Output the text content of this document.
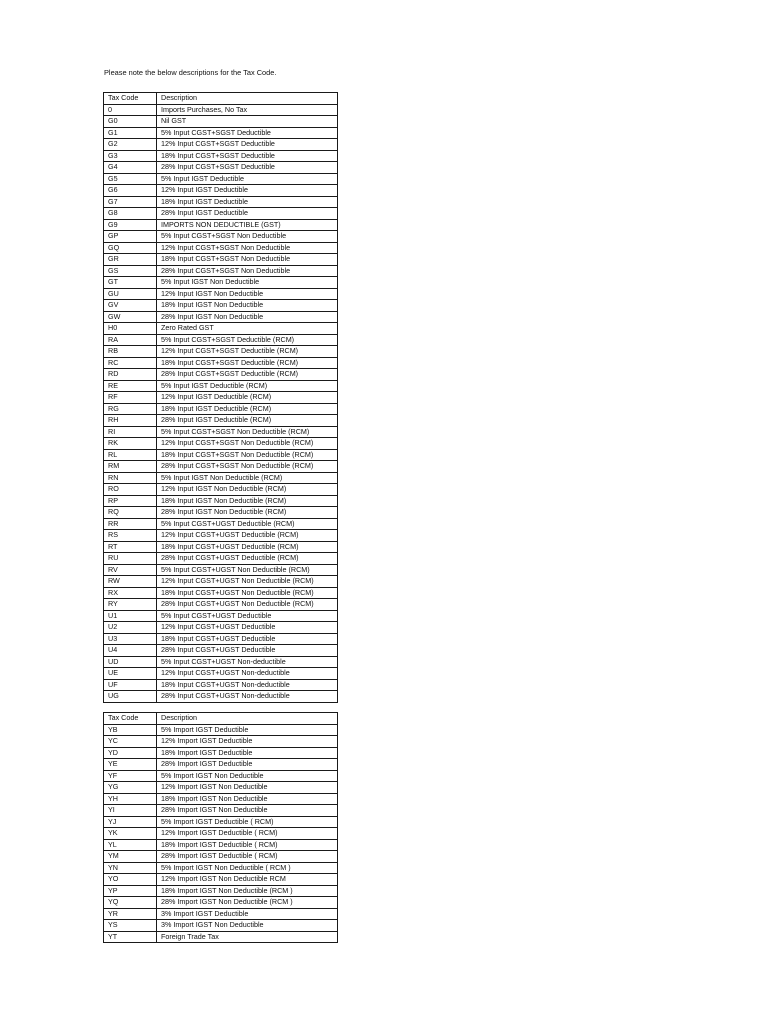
Please note the below descriptions for the Tax Code.
Tax Code	Description
0	Imports Purchases, No Tax
G0	Nil GST
G1	5% Input CGST+SGST Deductible
G2	12% Input CGST+SGST Deductible
G3	18% Input CGST+SGST Deductible
G4	28% Input CGST+SGST Deductible
G5	5% Input IGST Deductible
G6	12% Input IGST Deductible
G7	18% Input IGST Deductible
G8	28% Input IGST Deductible
G9	IMPORTS NON DEDUCTIBLE (GST)
GP	5% Input CGST+SGST Non Deductible
GQ	12% Input CGST+SGST Non Deductible
GR	18% Input CGST+SGST Non Deductible
GS	28% Input CGST+SGST Non Deductible
GT	5% Input IGST Non Deductible
GU	12% Input IGST Non Deductible
GV	18% Input IGST Non Deductible
GW	28% Input IGST Non Deductible
H0	Zero Rated GST
RA	5% Input CGST+SGST Deductible (RCM)
RB	12% Input CGST+SGST Deductible (RCM)
RC	18% Input CGST+SGST Deductible (RCM)
RD	28% Input CGST+SGST Deductible (RCM)
RE	5% Input IGST Deductible (RCM)
RF	12% Input IGST Deductible (RCM)
RG	18% Input IGST Deductible (RCM)
RH	28% Input IGST Deductible (RCM)
RI	5% Input CGST+SGST Non Deductible (RCM)
RK	12% Input CGST+SGST Non Deductible (RCM)
RL	18% Input CGST+SGST Non Deductible (RCM)
RM	28% Input CGST+SGST Non Deductible (RCM)
RN	5% Input IGST Non Deductible (RCM)
RO	12% Input IGST Non Deductible (RCM)
RP	18% Input IGST Non Deductible (RCM)
RQ	28% Input IGST Non Deductible (RCM)
RR	5% Input CGST+UGST Deductible (RCM)
RS	12% Input CGST+UGST Deductible (RCM)
RT	18% Input CGST+UGST Deductible (RCM)
RU	28% Input CGST+UGST Deductible (RCM)
RV	5% Input CGST+UGST Non Deductible (RCM)
RW	12% Input CGST+UGST Non Deductible (RCM)
RX	18% Input CGST+UGST Non Deductible (RCM)
RY	28% Input CGST+UGST Non Deductible (RCM)
U1	5% Input CGST+UGST Deductible
U2	12% Input CGST+UGST Deductible
U3	18% Input CGST+UGST Deductible
U4	28% Input CGST+UGST Deductible
UD	5% Input CGST+UGST Non-deductible
UE	12% Input CGST+UGST Non-deductible
UF	18% Input CGST+UGST Non-deductible
UG	28% Input CGST+UGST Non-deductible
Tax Code	Description
YB	5% Import IGST Deductible
YC	12% Import IGST Deductible
YD	18% Import IGST Deductible
YE	28% Import IGST Deductible
YF	5% Import IGST Non Deductible
YG	12% Import IGST Non Deductible
YH	18% Import IGST Non Deductible
YI	28% Import IGST Non Deductible
YJ	5% Import IGST Deductible ( RCM)
YK	12% Import IGST Deductible ( RCM)
YL	18% Import IGST Deductible ( RCM)
YM	28% Import IGST Deductible ( RCM)
YN	5% Import IGST Non Deductible ( RCM )
YO	12% Import IGST Non Deductible RCM
YP	18% Import IGST Non Deductible (RCM )
YQ	28% Import IGST Non Deductible (RCM )
YR	3% Import IGST Deductible
YS	3% Import IGST Non Deductible
YT	Foreign Trade Tax
